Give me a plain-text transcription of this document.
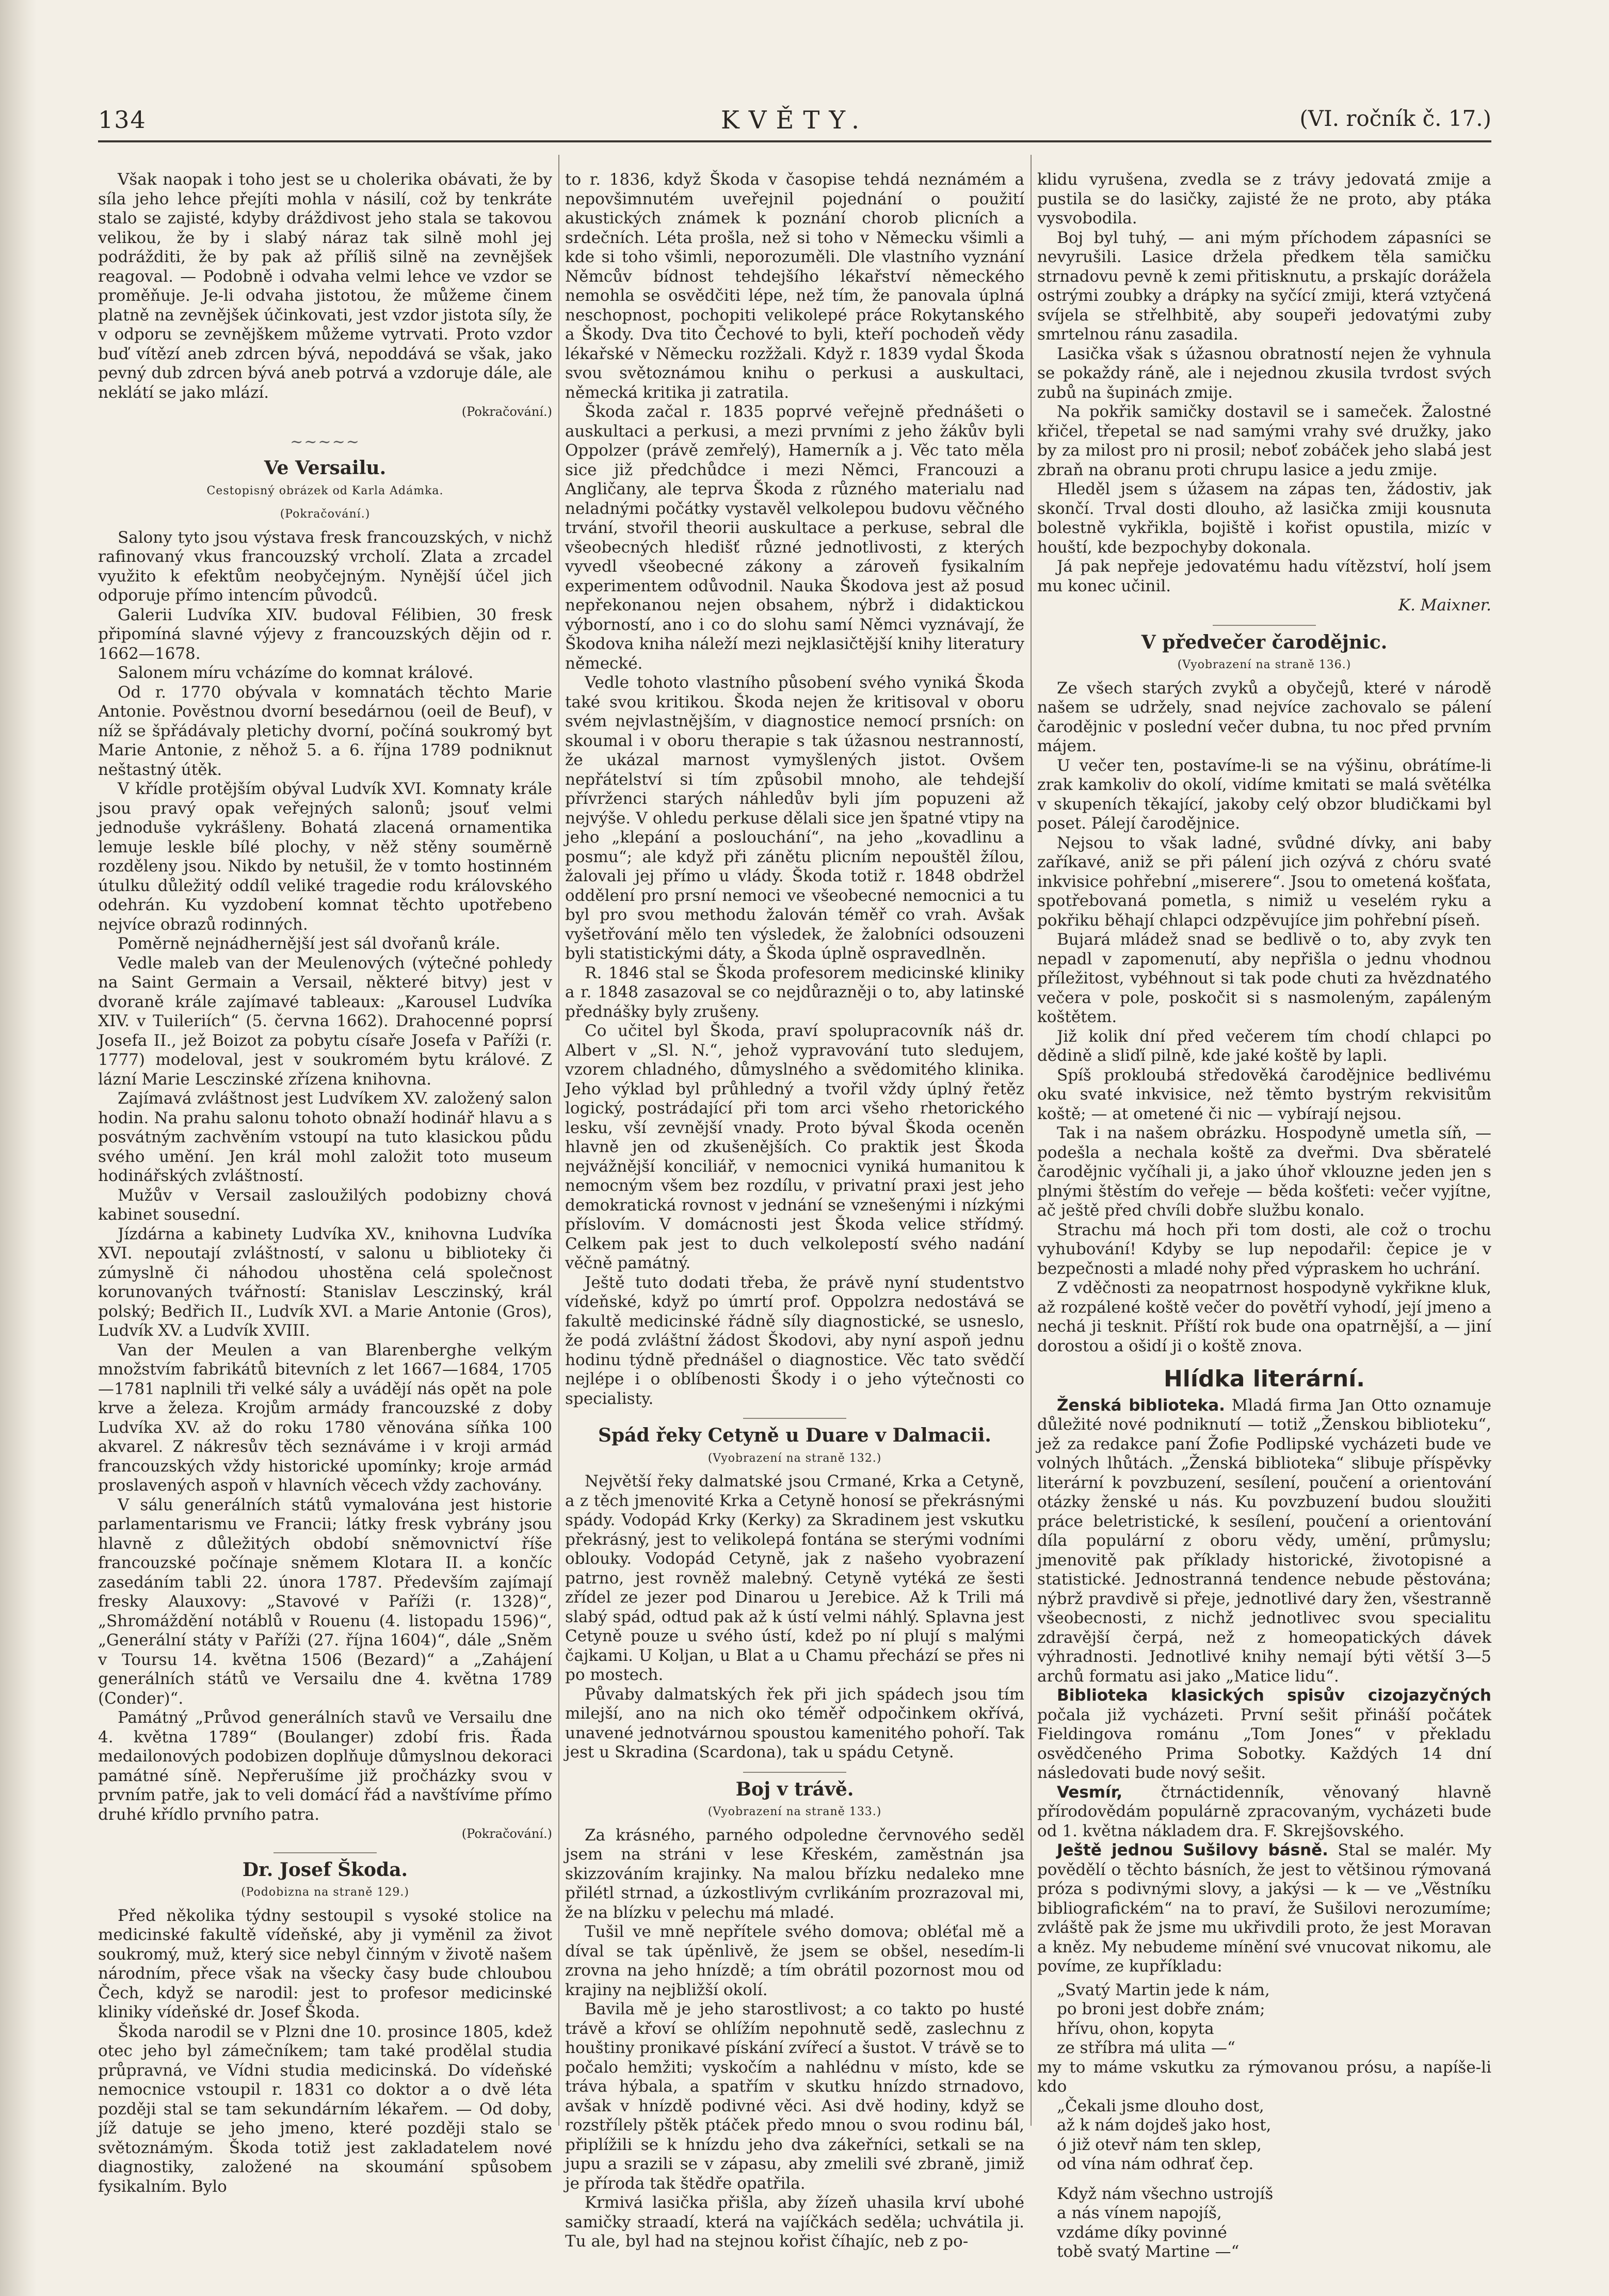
134	KVĚTY.	(VI. ročník č. 17.)

Však naopak i toho jest se u cholerika obávati, že by síla jeho lehce přejíti mohla v násilí, což by tenkráte stalo se zajisté, kdyby dráždivost jeho stala se takovou velikou, že by i slabý náraz tak silně mohl jej podrážditi, že by pak až příliš silně na zevnějšek reagoval. — Podobně i odvaha velmi lehce ve vzdor se proměňuje. Je-li odvaha jistotou, že můžeme činem platně na zevnějšek účinkovati, jest vzdor jistota síly, že v odporu se zevnějškem můžeme vytrvati. Proto vzdor buď vítězí aneb zdrcen bývá, nepoddává se však, jako pevný dub zdrcen bývá aneb potrvá a vzdoruje dále, ale neklátí se jako mlází.

(Pokračování.)

~~~~~
Ve Versailu.
Cestopisný obrázek od Karla Adámka.
(Pokračování.)

Salony tyto jsou výstava fresk francouzských, v nichž rafinovaný vkus francouzský vrcholí. Zlata a zrcadel využito k efektům neobyčejným. Nynější účel jich odporuje přímo intencím původců.

Galerii Ludvíka XIV. budoval Félibien, 30 fresk připomíná slavné výjevy z francouzských dějin od r. 1662—1678.

Salonem míru vcházíme do komnat králové.

Od r. 1770 obývala v komnatách těchto Marie Antonie. Pověstnou dvorní besedárnou (oeil de Beuf), v níž se špřádávaly pletichy dvorní, počíná soukromý byt Marie Antonie, z něhož 5. a 6. října 1789 podniknut neštastný útěk.

V křídle protějším obýval Ludvík XVI. Komnaty krále jsou pravý opak veřejných salonů; jsouť velmi jednoduše vykrášleny. Bohatá zlacená ornamentika lemuje leskle bílé plochy, v něž stěny souměrně rozděleny jsou. Nikdo by netušil, že v tomto hostinném útulku důležitý oddíl veliké tragedie rodu královského odehrán. Ku vyzdobení komnat těchto upotřebeno nejvíce obrazů rodinných.

Poměrně nejnádhernější jest sál dvořanů krále.

Vedle maleb van der Meulenových (výtečné pohledy na Saint Germain a Versail, některé bitvy) jest v dvoraně krále zajímavé tableaux: „Karousel Ludvíka XIV. v Tuileriích“ (5. června 1662). Drahocenné poprsí Josefa II., jež Boizot za pobytu císaře Josefa v Paříži (r. 1777) modeloval, jest v soukromém bytu králové. Z lázní Marie Lesczinské zřízena knihovna.

Zajímavá zvláštnost jest Ludvíkem XV. založený salon hodin. Na prahu salonu tohoto obnaží hodinář hlavu a s posvátným zachvěním vstoupí na tuto klasickou půdu svého umění. Jen král mohl založit toto museum hodinářských zvláštností.

Mužův v Versail zasloužilých podobizny chová kabinet sousední.

Jízdárna a kabinety Ludvíka XV., knihovna Ludvíka XVI. nepoutají zvláštností, v salonu u biblioteky či zúmyslně či náhodou uhostěna celá společnost korunovaných tvářností: Stanislav Lesczinský, král polský; Bedřich II., Ludvík XVI. a Marie Antonie (Gros), Ludvík XV. a Ludvík XVIII.

Van der Meulen a van Blarenberghe velkým množstvím fabrikátů bitevních z let 1667—1684, 1705—1781 naplnili tři velké sály a uvádějí nás opět na pole krve a železa. Krojům armády francouzské z doby Ludvíka XV. až do roku 1780 věnována síňka 100 akvarel. Z nákresův těch seznáváme i v kroji armád francouzských vždy historické upomínky; kroje armád proslavených aspoň v hlavních věcech vždy zachovány.

V sálu generálních států vymalována jest historie parlamentarismu ve Francii; látky fresk vybrány jsou hlavně z důležitých období sněmovnictví říše francouzské počínaje sněmem Klotara II. a končíc zasedáním tabli 22. února 1787. Především zajímají fresky Alauxovy: „Stavové v Paříži (r. 1328)“, „Shromáždění notáblů v Rouenu (4. listopadu 1596)“, „Generální státy v Paříži (27. října 1604)“, dále „Sněm v Toursu 14. května 1506 (Bezard)“ a „Zahájení generálních států ve Versailu dne 4. května 1789 (Conder)“.

Památný „Průvod generálních stavů ve Versailu dne 4. května 1789“ (Boulanger) zdobí fris. Řada medailonových podobizen doplňuje důmyslnou dekoraci památné síně. Nepřerušíme již pročházky svou v prvním patře, jak to veli domácí řád a navštívíme přímo druhé křídlo prvního patra.

(Pokračování.)

Dr. Josef Škoda.
(Podobizna na straně 129.)

Před několika týdny sestoupil s vysoké stolice na medicinské fakultě vídeňské, aby ji vyměnil za život soukromý, muž, který sice nebyl činným v životě našem národním, přece však na všecky časy bude chloubou Čech, když se narodil: jest to profesor medicinské kliniky vídeňské dr. Josef Škoda.

Škoda narodil se v Plzni dne 10. prosince 1805, kdež otec jeho byl zámečníkem; tam také prodělal studia průpravná, ve Vídni studia medicinská. Do vídeňské nemocnice vstoupil r. 1831 co doktor a o dvě léta později stal se tam sekundárním lékařem. — Od doby, jíž datuje se jeho jmeno, které později stalo se světoznámým. Škoda totiž jest zakladatelem nové diagnostiky, založené na skoumání spůsobem fysikalním. Bylo

to r. 1836, když Škoda v časopise tehdá neznámém a nepovšimnutém uveřejnil pojednání o použití akustických známek k poznání chorob plicních a srdečních. Léta prošla, než si toho v Německu všimli a kde si toho všimli, neporozuměli. Dle vlastního vyznání Němcův bídnost tehdejšího lékařství německého nemohla se osvědčiti lépe, než tím, že panovala úplná neschopnost, pochopiti velikolepé práce Rokytanského a Škody. Dva tito Čechové to byli, kteří pochodeň vědy lékařské v Německu rozžžali. Když r. 1839 vydal Škoda svou světoznámou knihu o perkusi a auskultaci, německá kritika ji zatratila.

Škoda začal r. 1835 poprvé veřejně přednášeti o auskultaci a perkusi, a mezi prvními z jeho žákův byli Oppolzer (právě zemřelý), Hamerník a j. Věc tato měla sice již předchůdce i mezi Němci, Francouzi a Angličany, ale teprva Škoda z různého materialu nad neladnými počátky vystavěl velkolepou budovu věčného trvání, stvořil theorii auskultace a perkuse, sebral dle všeobecných hledišť různé jednotlivosti, z kterých vyvedl všeobecné zákony a zároveň fysikalním experimentem odůvodnil. Nauka Škodova jest až posud nepřekonanou nejen obsahem, nýbrž i didaktickou výborností, ano i co do slohu samí Němci vyznávají, že Škodova kniha náleží mezi nejklasičtější knihy literatury německé.

Vedle tohoto vlastního působení svého vyniká Škoda také svou kritikou. Škoda nejen že kritisoval v oboru svém nejvlastnějším, v diagnostice nemocí prsních: on skoumal i v oboru therapie s tak úžasnou nestranností, že ukázal marnost vymyšlených jistot. Ovšem nepřátelství si tím způsobil mnoho, ale tehdejší přívrženci starých náhledův byli jím popuzeni až nejvýše. V ohledu perkuse dělali sice jen špatné vtipy na jeho „klepání a poslouchání“, na jeho „kovadlinu a posmu“; ale když při zánětu plicním nepouštěl žílou, žalovali jej přímo u vlády. Škoda totiž r. 1848 obdržel oddělení pro prsní nemoci ve všeobecné nemocnici a tu byl pro svou methodu žalován téměř co vrah. Avšak vyšetřování mělo ten výsledek, že žalobníci odsouzeni byli statistickými dáty, a Škoda úplně ospravedlněn.

R. 1846 stal se Škoda profesorem medicinské kliniky a r. 1848 zasazoval se co nejdůrazněji o to, aby latinské přednášky byly zrušeny.

Co učitel byl Škoda, praví spolupracovník náš dr. Albert v „Sl. N.“, jehož vypravování tuto sledujem, vzorem chladného, důmyslného a svědomitého klinika. Jeho výklad byl průhledný a tvořil vždy úplný řetěz logický, postrádající při tom arci všeho rhetorického lesku, vší zevnější vnady. Proto býval Škoda oceněn hlavně jen od zkušenějších. Co praktik jest Škoda nejvážnější konciliář, v nemocnici vyniká humanitou k nemocným všem bez rozdílu, v privatní praxi jest jeho demokratická rovnost v jednání se vznešenými i nízkými příslovím. V domácnosti jest Škoda velice střídmý. Celkem pak jest to duch velkolepostí svého nadání věčně památný.

Ještě tuto dodati třeba, že právě nyní studentstvo vídeňské, když po úmrtí prof. Oppolzra nedostává se fakultě medicinské řádně síly diagnostické, se usneslo, že podá zvláštní žádost Škodovi, aby nyní aspoň jednu hodinu týdně přednášel o diagnostice. Věc tato svědčí nejlépe i o oblíbenosti Škody i o jeho výtečnosti co specialisty.

Spád řeky Cetyně u Duare v Dalmacii.
(Vyobrazení na straně 132.)

Největší řeky dalmatské jsou Crmané, Krka a Cetyně, a z těch jmenovité Krka a Cetyně honosí se překrásnými spády. Vodopád Krky (Kerky) za Skradinem jest vskutku překrásný, jest to velikolepá fontána se sterými vodními oblouky. Vodopád Cetyně, jak z našeho vyobrazení patrno, jest rovněž malebný. Cetyně vytéká ze šesti zřídel ze jezer pod Dinarou u Jerebice. Až k Trili má slabý spád, odtud pak až k ústí velmi náhlý. Splavna jest Cetyně pouze u svého ústí, kdež po ní plují s malými čajkami. U Koljan, u Blat a u Chamu přechází se přes ni po mostech.

Půvaby dalmatských řek při jich spádech jsou tím milejší, ano na nich oko téměř odpočinkem okřívá, unavené jednotvárnou spoustou kamenitého pohoří. Tak jest u Skradina (Scardona), tak u spádu Cetyně.

Boj v trávě.
(Vyobrazení na straně 133.)

Za krásného, parného odpoledne červnového seděl jsem na stráni v lese Křeském, zaměstnán jsa skizzováním krajinky. Na malou břízku nedaleko mne přilétl strnad, a úzkostlivým cvrlikáním prozrazoval mi, že na blízku v pelechu má mladé.

Tušil ve mně nepřítele svého domova; obléťal mě a díval se tak úpěnlivě, že jsem se obšel, nesedím-li zrovna na jeho hnízdě; a tím obrátil pozornost mou od krajiny na nejbližší okolí.

Bavila mě je jeho starostlivost; a co takto po husté trávě a křoví se ohlížím nepohnutě sedě, zaslechnu z houštiny pronikavé pískání zvířecí a šustot. V trávě se to počalo hemžiti; vyskočím a nahlédnu v místo, kde se tráva hýbala, a spatřím v skutku hnízdo strnadovo, avšak v hnízdě podivné věci. Asi dvě hodiny, když se rozstřílely pštěk ptáček předo mnou o svou rodinu bál, připlížili se k hnízdu jeho dva zákeřníci, setkali se na jupu a srazili se v zápasu, aby zmelili své zbraně, jimiž je příroda tak štědře opatřila.

Krmivá lasička přišla, aby žízeň uhasila krví ubohé samičky straadí, která na vajíčkách seděla; uchvátila ji. Tu ale, byl had na stejnou kořist číhajíc, neb z po-

klidu vyrušena, zvedla se z trávy jedovatá zmije a pustila se do lasičky, zajisté že ne proto, aby ptáka vysvobodila.

Boj byl tuhý, — ani mým příchodem zápasníci se nevyrušili. Lasice držela předkem těla samičku strnadovu pevně k zemi přitisknutu, a prskajíc doráželа ostrými zoubky a drápky na syčící zmiji, která vztyčená svíjela se střelhbitě, aby soupeři jedovatými zuby smrtelnou ránu zasadila.

Lasička však s úžasnou obratností nejen že vyhnula se pokaždy ráně, ale i nejednou zkusila tvrdost svých zubů na šupinách zmije.

Na pokřik samičky dostavil se i sameček. Žalostné křičel, třepetal se nad samými vrahy své družky, jako by za milost pro ni prosil; neboť zobáček jeho slabá jest zbraň na obranu proti chrupu lasice a jedu zmije.

Hleděl jsem s úžasem na zápas ten, žádostiv, jak skončí. Trval dosti dlouho, až lasička zmiji kousnuta bolestně vykřikla, bojiště i kořist opustila, mizíc v houští, kde bezpochyby dokonala.

Já pak nepřeje jedovatému hadu vítězství, holí jsem mu konec učinil.

K. Maixner.
V předvečer čarodějnic.
(Vyobrazení na straně 136.)

Ze všech starých zvyků a obyčejů, které v národě našem se udržely, snad nejvíce zachovalo se pálení čarodějnic v poslední večer dubna, tu noc před prvním májem.

U večer ten, postavíme-li se na výšinu, obrátíme-li zrak kamkoliv do okolí, vidíme kmitati se malá světélka v skupeních těkající, jakoby celý obzor bludičkami byl poset. Pálejí čarodějnice.

Nejsou to však ladné, svůdné dívky, ani baby zaříkavé, aniž se při pálení jich ozývá z chóru svaté inkvisice pohřební „miserere“. Jsou to ometená košťata, spotřebovaná pometla, s nimiž u veselém ryku a pokřiku běhají chlapci odzpěvujíce jim pohřební píseň.

Bujará mládež snad se bedlivě o to, aby zvyk ten nepadl v zapomenutí, aby nepřišla o jednu vhodnou příležitost, vybéhnout si tak pode chuti za hvězdnatého večera v pole, poskočit si s nasmoleným, zapáleným koštětem.

Již kolik dní před večerem tím chodí chlapci po dědině a sliďí pilně, kde jaké koště by lapli.

Spíš prokloubá středověká čarodějnice bedlivému oku svaté inkvisice, než těmto bystrým rekvisitům koště; — at ometené či nic — vybírají nejsou.

Tak i na našem obrázku. Hospodyně umetla síň, — podešla a nechala koště za dveřmi. Dva sběratelé čarodějnic vyčíhali ji, a jako úhoř vklouzne jeden jen s plnými štěstím do veřeje — běda košťeti: večer vyjítne, ač ještě před chvíli dobře službu konalo.

Strachu má hoch při tom dosti, ale což o trochu vyhubování! Kdyby se lup nepodařil: čepice je v bezpečnosti a mladé nohy před výpraskem ho uchrání.

Z vděčnosti za neopatrnost hospodyně vykřikne kluk, až rozpálené koště večer do povětří vyhodí, její jmeno a nechá ji tesknit. Příští rok bude ona opatrnější, a — jiní dorostou a ošidí ji o koště znova.

Hlídka literární.

Ženská biblioteka. Mladá firma Jan Otto oznamuje důležité nové podniknutí — totiž „Ženskou biblioteku“, jež za redakce paní Žofie Podlipské vycházeti bude ve volných lhůtách. „Ženská biblioteka“ slibuje příspěvky literární k povzbuzení, sesílení, poučení a orientování otázky ženské u nás. Ku povzbuzení budou sloužiti práce beletristické, k sesílení, poučení a orientování díla populární z oboru vědy, umění, průmyslu; jmenovitě pak příklady historické, životopisné a statistické. Jednostranná tendence nebude pěstována; nýbrž pravdivě si přeje, jednotlivé dary žen, všestranně všeobecnosti, z nichž jednotlivec svou specialitu zdravější čerpá, než z homeopatických dávek výhradnosti. Jednotlivé knihy nemají býti větší 3—5 archů formatu asi jako „Matice lidu“.

Biblioteka klasických spisův cizojazyčných počala již vycházeti. První sešit přináší počátek Fieldingova románu „Tom Jones“ v překladu osvědčeného Prima Sobotky. Každých 14 dní následovati bude nový sešit.

Vesmír, čtrnáctidenník, věnovaný hlavně přírodovědám populárně zpracovaným, vycházeti bude od 1. května nákladem dra. F. Skrejšovského.

Ještě jednou Sušilovy básně. Stal se malér. My povědělí o těchto básních, že jest to většinou rýmovaná próza s podivnými slovy, a jakýsi — k — ve „Věstníku bibliografickém“ na to praví, že Sušilovi nerozumíme; zvláště pak že jsme mu ukřivdili proto, že jest Moravan a kněz. My nebudeme mínění své vnucovat nikomu, ale povíme, ze kupříkladu:

„Svatý Martin jede k nám,

po broni jest dobře znám;

hřívu, ohon, kopyta

ze stříbra má ulita —“

my to máme vskutku za rýmovanou prósu, a napíše-li kdo

„Čekali jsme dlouho dost,

až k nám dojdeš jako host,

ó již otevř nám ten sklep,

od vína nám odhrať čep.

Když nám všechno ustrojíš

a nás vínem napojíš,

vzdáme díky povinné

tobě svatý Martine —“
